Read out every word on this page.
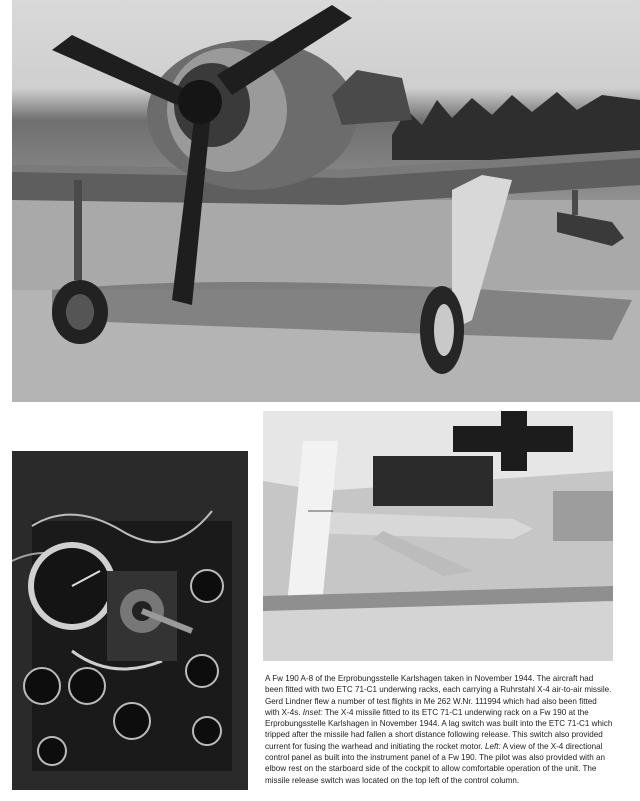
A Fw 190 A-8 of the Erprobungsstelle Karlshagen taken in November 1944. The aircraft had been fitted with two ETC 71-C1 underwing racks, each carrying a Ruhrstahl X-4 air-to-air missile. Gerd Lindner flew a number of test flights in Me 262 W.Nr. 111994 which had also been fitted with X-4s. Inset: The X-4 missile fitted to its ETC 71-C1 underwing rack on a Fw 190 at the Erprobungsstelle Karlshagen in November 1944. A lag switch was built into the ETC 71-C1 which tripped after the missile had fallen a short distance following release. This switch also provided current for fusing the warhead and initiating the rocket motor. Left: A view of the X-4 directional control panel as built into the instrument panel of a Fw 190. The pilot was also provided with an elbow rest on the starboard side of the cockpit to allow comfortable operation of the unit. The missile release switch was located on the top left of the control column.
